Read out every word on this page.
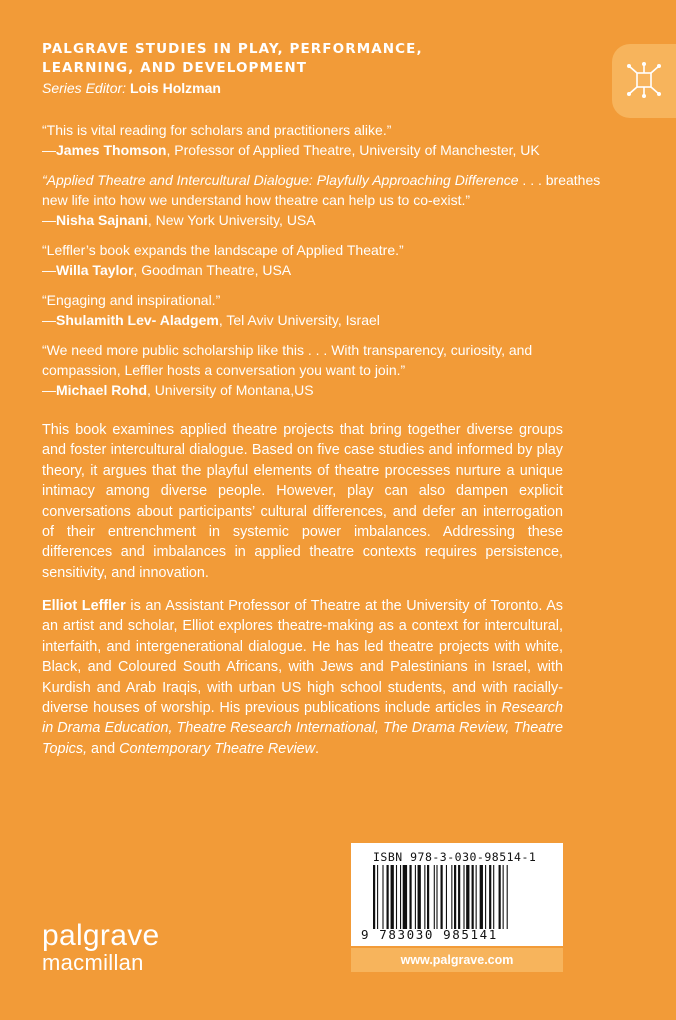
PALGRAVE STUDIES IN PLAY, PERFORMANCE,

LEARNING, AND DEVELOPMENT

Series Editor: Lois Holzman
“This is vital reading for scholars and practitioners alike.”
—James Thomson, Professor of Applied Theatre, University of Manchester, UK
“Applied Theatre and Intercultural Dialogue: Playfully Approaching Difference . . . breathes new life into how we understand how theatre can help us to co-exist.”
—Nisha Sajnani, New York University, USA
“Leffler’s book expands the landscape of Applied Theatre.”
—Willa Taylor, Goodman Theatre, USA
“Engaging and inspirational.”
—Shulamith Lev- Aladgem, Tel Aviv University, Israel
“We need more public scholarship like this . . . With transparency, curiosity, and compassion, Leffler hosts a conversation you want to join.”
—Michael Rohd, University of Montana,US

This book examines applied theatre projects that bring together diverse groups and foster intercultural dialogue. Based on five case studies and informed by play theory, it argues that the playful elements of theatre processes nurture a unique intimacy among diverse people. However, play can also dampen explicit conversations about participants’ cultural differences, and defer an interrogation of their entrenchment in systemic power imbalances. Addressing these differences and imbalances in applied theatre contexts requires persistence, sensitivity, and innovation.

Elliot Leffler is an Assistant Professor of Theatre at the University of Toronto. As an artist and scholar, Elliot explores theatre-making as a context for intercultural, interfaith, and intergenerational dialogue. He has led theatre projects with white, Black, and Coloured South Africans, with Jews and Palestinians in Israel, with Kurdish and Arab Iraqis, with urban US high school students, and with racially-diverse houses of worship. His previous publications include articles in Research in Drama Education, Theatre Research International, The Drama Review, Theatre Topics, and Contemporary Theatre Review.

palgrave
macmillan
ISBN 978-3-030-98514-1
9 783030 985141
www.palgrave.com
